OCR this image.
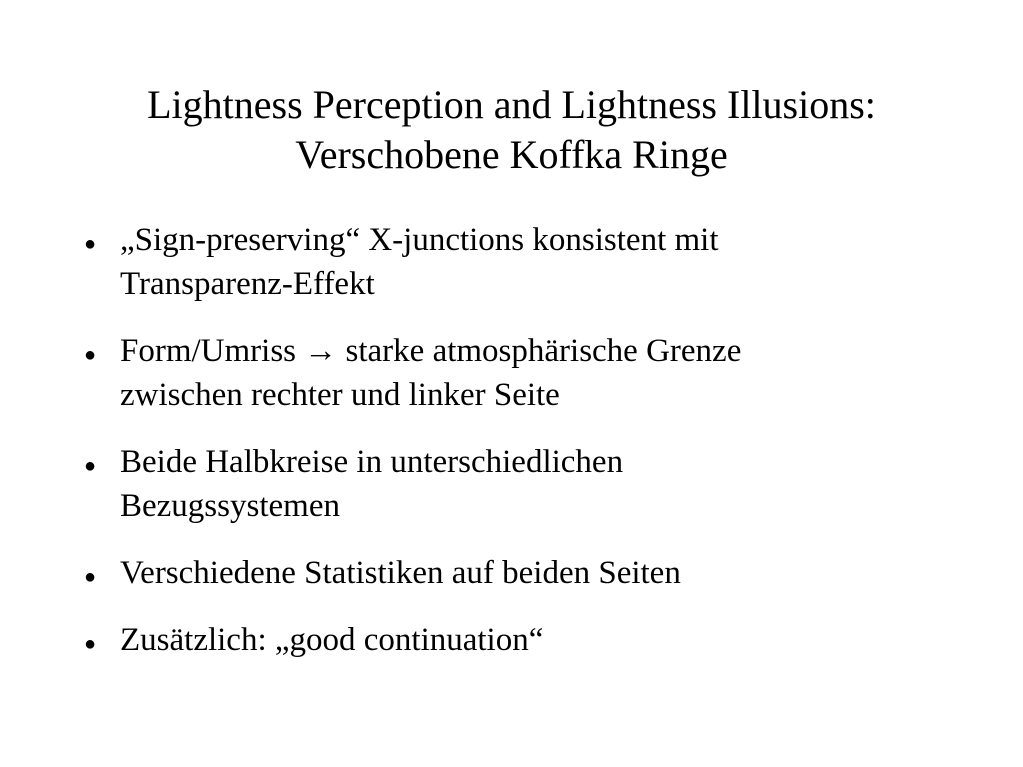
Lightness Perception and Lightness Illusions:
Verschobene Koffka Ringe
● „Sign-preserving“ X-junctions konsistent mit
Transparenz-Effekt
● Form/Umriss → starke atmosphärische Grenze
zwischen rechter und linker Seite
● Beide Halbkreise in unterschiedlichen
Bezugssystemen
● Verschiedene Statistiken auf beiden Seiten
● Zusätzlich: „good continuation“
